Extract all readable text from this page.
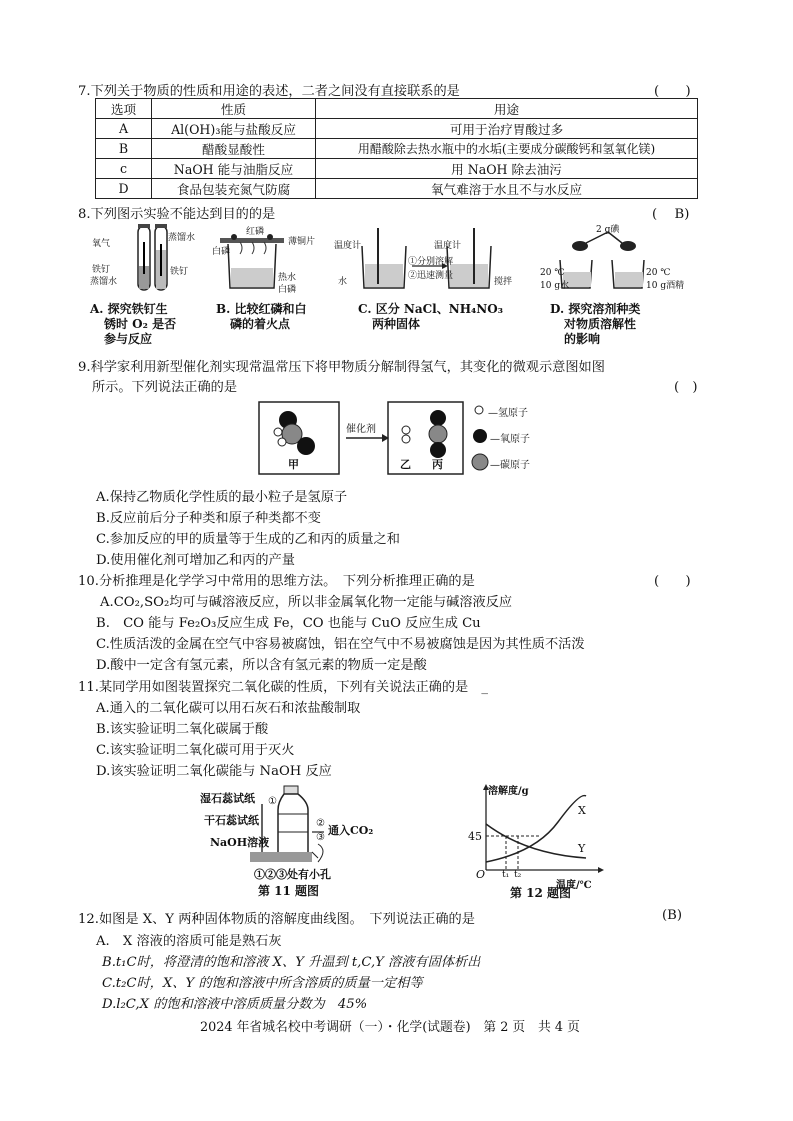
7.下列关于物质的性质和用途的表述，二者之间没有直接联系的是	(　　)
选项	性质	用途
A	Al(OH)₃能与盐酸反应	可用于治疗胃酸过多
B	醋酸显酸性	用醋酸除去热水瓶中的水垢(主要成分碳酸钙和氢氧化镁)
c	NaOH 能与油脂反应	用 NaOH 除去油污
D	食品包装充氮气防腐	氧气难溶于水且不与水反应
8.下列图示实验不能达到目的的是	(　 B)
氧气
铁钉
蒸馏水
蒸馏水
铁钉
A. 探究铁钉生
锈时 O₂ 是否
参与反应
红磷
薄铜片
白磷
热水
白磷
B. 比较红磷和白
磷的着火点
温度计	温度计
①分别溶解
②迅速测量
水	搅拌
C. 区分 NaCl、NH₄NO₃
两种固体
2 g碘
20 ℃
10 g水
20 ℃
10 g酒精
D. 探究溶剂种类
对物质溶解性
的影响
9.科学家利用新型催化剂实现常温常压下将甲物质分解制得氢气，其变化的微观示意图如图
所示。下列说法正确的是	(　)
催化剂
甲	乙 丙
—氢原子
—氧原子
—碳原子
A.保持乙物质化学性质的最小粒子是氢原子
B.反应前后分子种类和原子种类都不变
C.参加反应的甲的质量等于生成的乙和丙的质量之和
D.使用催化剂可增加乙和丙的产量
10.分析推理是化学学习中常用的思维方法。　下列分析推理正确的是	(　　)
A.CO₂,SO₂均可与碱溶液反应，所以非金属氧化物一定能与碱溶液反应
B.　CO 能与 Fe₂O₃反应生成 Fe，CO 也能与 CuO 反应生成 Cu
C.性质活泼的金属在空气中容易被腐蚀，铝在空气中不易被腐蚀是因为其性质不活泼
D.酸中一定含有氢元素，所以含有氢元素的物质一定是酸
11.某同学用如图装置探究二氧化碳的性质，下列有关说法正确的是　_
A.通入的二氧化碳可以用石灰石和浓盐酸制取
B.该实验证明二氧化碳属于酸
C.该实验证明二氧化碳可用于灭火
D.该实验证明二氧化碳能与 NaOH 反应
湿石蕊试纸
干石蕊试纸
NaOH溶液
通入CO₂
①
②
③
①②③处有小孔
第 11 题图
溶解度/g
45
O t₁ t₂
温度/℃
X
Y
第 12 题图
12.如图是 X、Y 两种固体物质的溶解度曲线图。　下列说法正确的是	(B)
A.　X 溶液的溶质可能是熟石灰
B.t₁C时，将澄清的饱和溶液 X、Y 升温到 t,C,Y 溶液有固体析出
C.t₂C时，X、Y 的饱和溶液中所含溶质的质量一定相等
D.l₂C,X 的饱和溶液中溶质质量分数为　45%
2024 年省城名校中考调研（一）・化学(试题卷)　第 2 页　共 4 页
